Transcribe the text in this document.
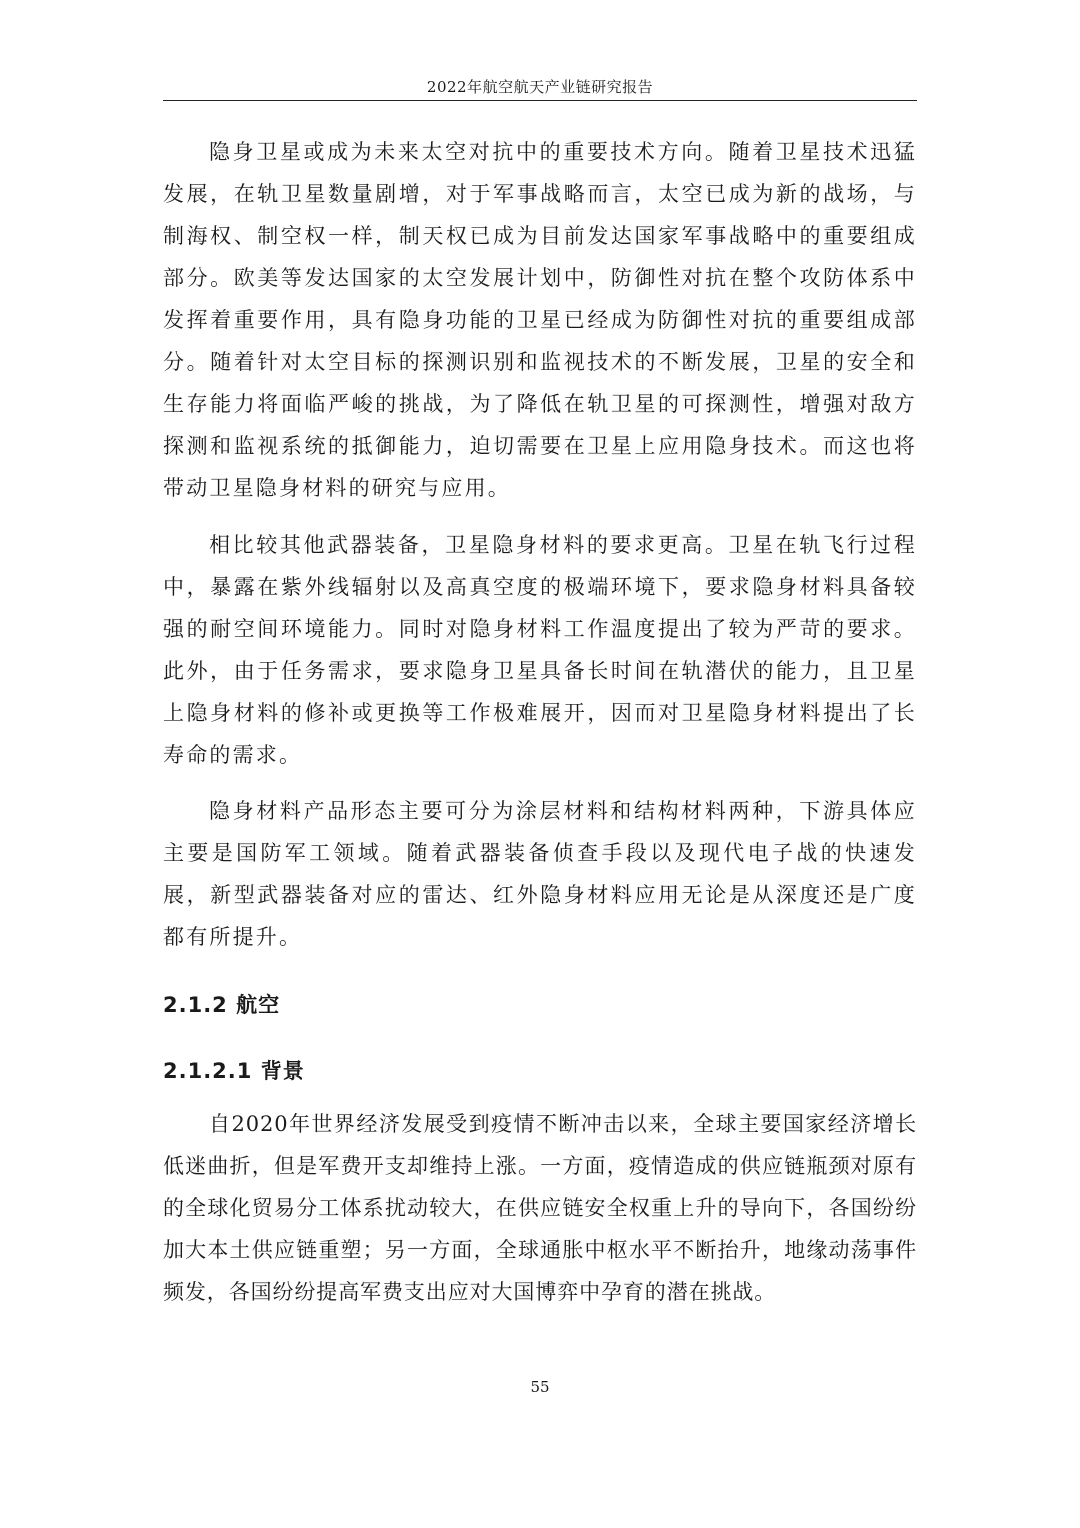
2022年航空航天产业链研究报告

隐身卫星或成为未来太空对抗中的重要技术方向。随着卫星技术迅猛发展，在轨卫星数量剧增，对于军事战略而言，太空已成为新的战场，与制海权、制空权一样，制天权已成为目前发达国家军事战略中的重要组成部分。欧美等发达国家的太空发展计划中，防御性对抗在整个攻防体系中发挥着重要作用，具有隐身功能的卫星已经成为防御性对抗的重要组成部分。随着针对太空目标的探测识别和监视技术的不断发展，卫星的安全和生存能力将面临严峻的挑战，为了降低在轨卫星的可探测性，增强对敌方探测和监视系统的抵御能力，迫切需要在卫星上应用隐身技术。而这也将带动卫星隐身材料的研究与应用。

相比较其他武器装备，卫星隐身材料的要求更高。卫星在轨飞行过程中，暴露在紫外线辐射以及高真空度的极端环境下，要求隐身材料具备较强的耐空间环境能力。同时对隐身材料工作温度提出了较为严苛的要求。此外，由于任务需求，要求隐身卫星具备长时间在轨潜伏的能力，且卫星上隐身材料的修补或更换等工作极难展开，因而对卫星隐身材料提出了长寿命的需求。

隐身材料产品形态主要可分为涂层材料和结构材料两种，下游具体应主要是国防军工领域。随着武器装备侦查手段以及现代电子战的快速发展，新型武器装备对应的雷达、红外隐身材料应用无论是从深度还是广度都有所提升。

2.1.2 航空
2.1.2.1 背景

自2020年世界经济发展受到疫情不断冲击以来，全球主要国家经济增长低迷曲折，但是军费开支却维持上涨。一方面，疫情造成的供应链瓶颈对原有的全球化贸易分工体系扰动较大，在供应链安全权重上升的导向下，各国纷纷加大本土供应链重塑；另一方面，全球通胀中枢水平不断抬升，地缘动荡事件频发，各国纷纷提高军费支出应对大国博弈中孕育的潜在挑战。

55
